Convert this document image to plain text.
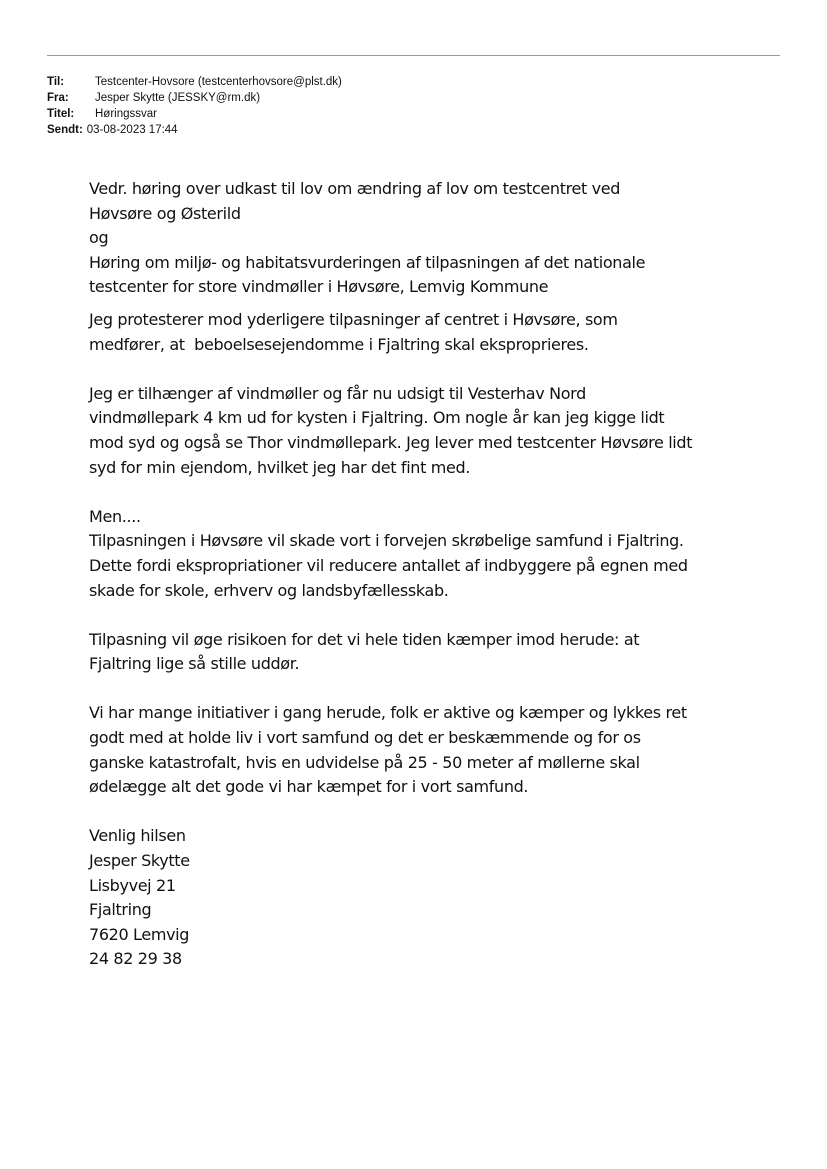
Til:	Testcenter-Hovsore (testcenterhovsore@plst.dk)
Fra:	Jesper Skytte (JESSKY@rm.dk)
Titel:	Høringssvar
Sendt: 03-08-2023 17:44
Vedr. høring over udkast til lov om ændring af lov om testcentret ved
Høvsøre og Østerild
og
Høring om miljø- og habitatsvurderingen af tilpasningen af det nationale
testcenter for store vindmøller i Høvsøre, Lemvig Kommune
Jeg protesterer mod yderligere tilpasninger af centret i Høvsøre, som
medfører, at  beboelsesejendomme i Fjaltring skal eksproprieres.
Jeg er tilhænger af vindmøller og får nu udsigt til Vesterhav Nord
vindmøllepark 4 km ud for kysten i Fjaltring. Om nogle år kan jeg kigge lidt
mod syd og også se Thor vindmøllepark. Jeg lever med testcenter Høvsøre lidt
syd for min ejendom, hvilket jeg har det fint med.
Men....
Tilpasningen i Høvsøre vil skade vort i forvejen skrøbelige samfund i Fjaltring.
Dette fordi ekspropriationer vil reducere antallet af indbyggere på egnen med
skade for skole, erhverv og landsbyfællesskab.
Tilpasning vil øge risikoen for det vi hele tiden kæmper imod herude: at
Fjaltring lige så stille uddør.
Vi har mange initiativer i gang herude, folk er aktive og kæmper og lykkes ret
godt med at holde liv i vort samfund og det er beskæmmende og for os
ganske katastrofalt, hvis en udvidelse på 25 - 50 meter af møllerne skal
ødelægge alt det gode vi har kæmpet for i vort samfund.
Venlig hilsen
Jesper Skytte
Lisbyvej 21
Fjaltring
7620 Lemvig
24 82 29 38
